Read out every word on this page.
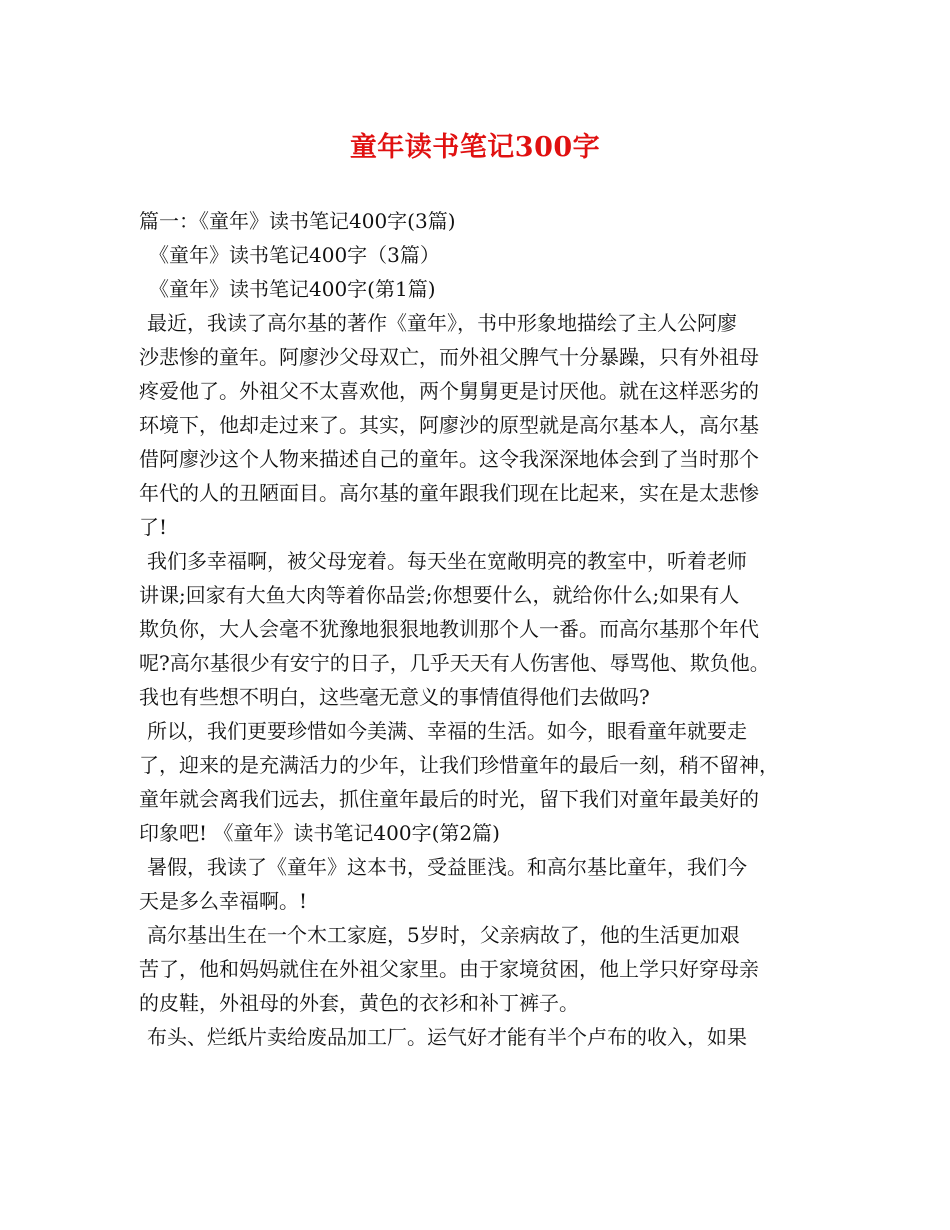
童年读书笔记300字
篇一：《童年》读书笔记400字(3篇)
《童年》读书笔记400字（3篇）
《童年》读书笔记400字(第1篇)
最近，我读了高尔基的著作《童年》，书中形象地描绘了主人公阿廖
沙悲惨的童年。阿廖沙父母双亡，而外祖父脾气十分暴躁，只有外祖母
疼爱他了。外祖父不太喜欢他，两个舅舅更是讨厌他。就在这样恶劣的
环境下，他却走过来了。其实，阿廖沙的原型就是高尔基本人，高尔基
借阿廖沙这个人物来描述自己的童年。这令我深深地体会到了当时那个
年代的人的丑陋面目。高尔基的童年跟我们现在比起来，实在是太悲惨
了!
我们多幸福啊，被父母宠着。每天坐在宽敞明亮的教室中，听着老师
讲课;回家有大鱼大肉等着你品尝;你想要什么，就给你什么;如果有人
欺负你，大人会毫不犹豫地狠狠地教训那个人一番。而高尔基那个年代
呢?高尔基很少有安宁的日子，几乎天天有人伤害他、辱骂他、欺负他。
我也有些想不明白，这些毫无意义的事情值得他们去做吗?
所以，我们更要珍惜如今美满、幸福的生活。如今，眼看童年就要走
了，迎来的是充满活力的少年，让我们珍惜童年的最后一刻，稍不留神，
童年就会离我们远去，抓住童年最后的时光，留下我们对童年最美好的
印象吧! 《童年》读书笔记400字(第2篇)
暑假，我读了《童年》这本书，受益匪浅。和高尔基比童年，我们今
天是多么幸福啊。!
高尔基出生在一个木工家庭，5岁时，父亲病故了，他的生活更加艰
苦了，他和妈妈就住在外祖父家里。由于家境贫困，他上学只好穿母亲
的皮鞋，外祖母的外套，黄色的衣衫和补丁裤子。
布头、烂纸片卖给废品加工厂。运气好才能有半个卢布的收入，如果
